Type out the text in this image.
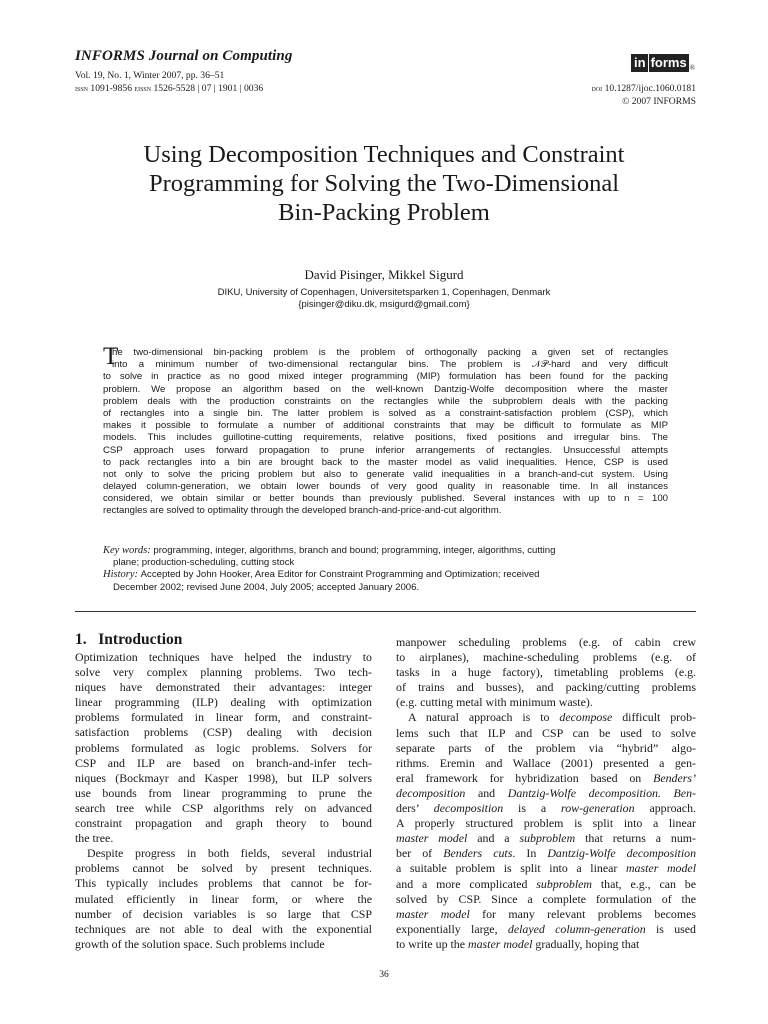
INFORMS Journal on Computing
Vol. 19, No. 1, Winter 2007, pp. 36–51
issn 1091-9856 eissn 1526-5528 | 07 | 1901 | 0036
in forms ®
doi 10.1287/ijoc.1060.0181
© 2007 INFORMS
Using Decomposition Techniques and Constraint
Programming for Solving the Two-Dimensional
Bin-Packing Problem
David Pisinger, Mikkel Sigurd
DIKU, University of Copenhagen, Universitetsparken 1, Copenhagen, Denmark
{pisinger@diku.dk, msigurd@gmail.com}
T
he two-dimensional bin-packing problem is the problem of orthogonally packing a given set of rectangles
into a minimum number of two-dimensional rectangular bins. The problem is 𝒩𝒫-hard and very difficult
to solve in practice as no good mixed integer programming (MIP) formulation has been found for the packing
problem. We propose an algorithm based on the well-known Dantzig-Wolfe decomposition where the master
problem deals with the production constraints on the rectangles while the subproblem deals with the packing
of rectangles into a single bin. The latter problem is solved as a constraint-satisfaction problem (CSP), which
makes it possible to formulate a number of additional constraints that may be difficult to formulate as MIP
models. This includes guillotine-cutting requirements, relative positions, fixed positions and irregular bins. The
CSP approach uses forward propagation to prune inferior arrangements of rectangles. Unsuccessful attempts
to pack rectangles into a bin are brought back to the master model as valid inequalities. Hence, CSP is used
not only to solve the pricing problem but also to generate valid inequalities in a branch-and-cut system. Using
delayed column-generation, we obtain lower bounds of very good quality in reasonable time. In all instances
considered, we obtain similar or better bounds than previously published. Several instances with up to n = 100
rectangles are solved to optimality through the developed branch-and-price-and-cut algorithm.
Key words: programming, integer, algorithms, branch and bound; programming, integer, algorithms, cutting
plane; production-scheduling, cutting stock
History: Accepted by John Hooker, Area Editor for Constraint Programming and Optimization; received
December 2002; revised June 2004, July 2005; accepted January 2006.
1. Introduction
Optimization techniques have helped the industry to
solve very complex planning problems. Two tech-
niques have demonstrated their advantages: integer
linear programming (ILP) dealing with optimization
problems formulated in linear form, and constraint-
satisfaction problems (CSP) dealing with decision
problems formulated as logic problems. Solvers for
CSP and ILP are based on branch-and-infer tech-
niques (Bockmayr and Kasper 1998), but ILP solvers
use bounds from linear programming to prune the
search tree while CSP algorithms rely on advanced
constraint propagation and graph theory to bound
the tree.
Despite progress in both fields, several industrial
problems cannot be solved by present techniques.
This typically includes problems that cannot be for-
mulated efficiently in linear form, or where the
number of decision variables is so large that CSP
techniques are not able to deal with the exponential
growth of the solution space. Such problems include
manpower scheduling problems (e.g. of cabin crew
to airplanes), machine-scheduling problems (e.g. of
tasks in a huge factory), timetabling problems (e.g.
of trains and busses), and packing/cutting problems
(e.g. cutting metal with minimum waste).
A natural approach is to decompose difficult prob-
lems such that ILP and CSP can be used to solve
separate parts of the problem via “hybrid” algo-
rithms. Eremin and Wallace (2001) presented a gen-
eral framework for hybridization based on Benders’
decomposition and Dantzig-Wolfe decomposition. Ben-
ders’ decomposition is a row-generation approach.
A properly structured problem is split into a linear
master model and a subproblem that returns a num-
ber of Benders cuts. In Dantzig-Wolfe decomposition
a suitable problem is split into a linear master model
and a more complicated subproblem that, e.g., can be
solved by CSP. Since a complete formulation of the
master model for many relevant problems becomes
exponentially large, delayed column-generation is used
to write up the master model gradually, hoping that
36
